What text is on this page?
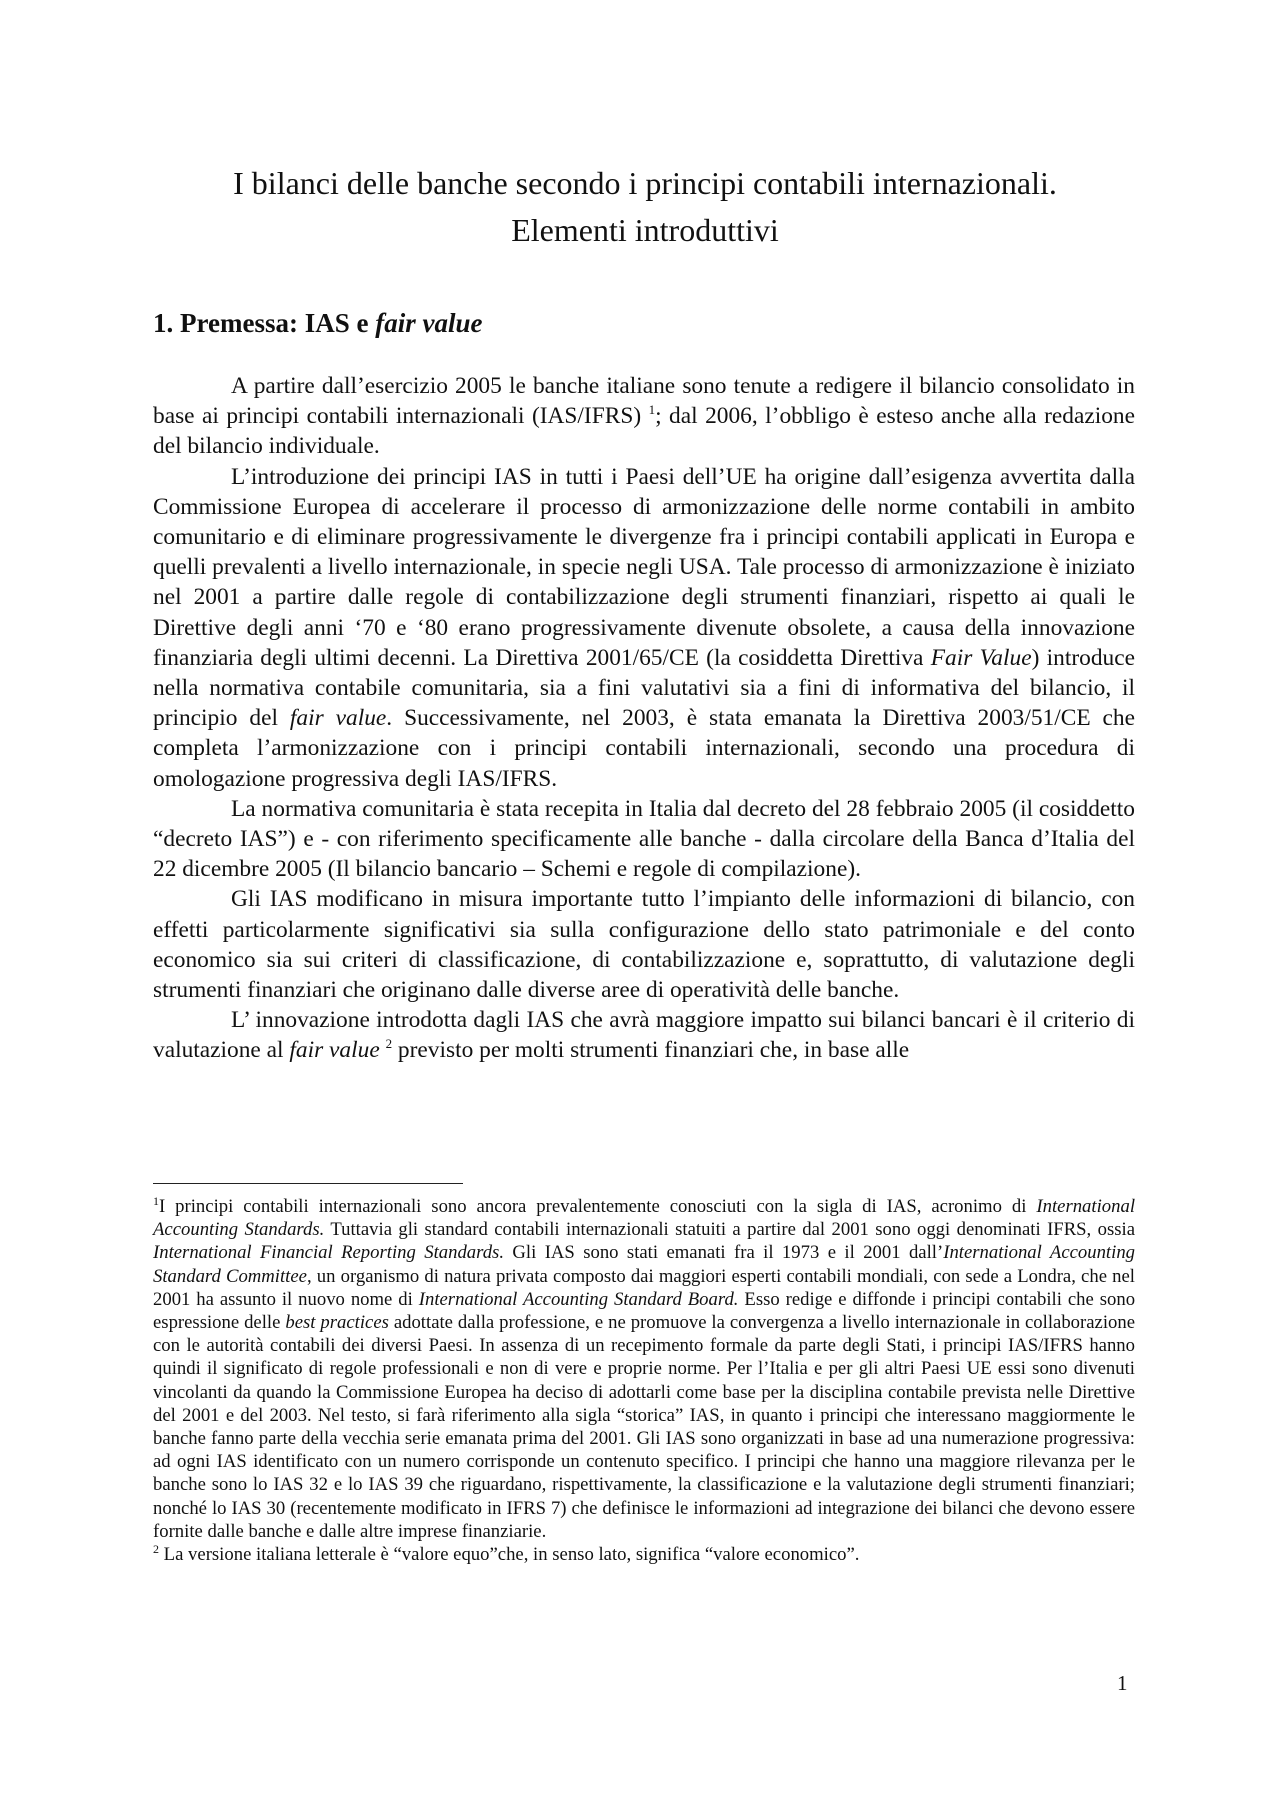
I bilanci delle banche secondo i principi contabili internazionali.
Elementi introduttivi
1. Premessa: IAS e fair value

A partire dall’esercizio 2005 le banche italiane sono tenute a redigere il bilancio consolidato in base ai principi contabili internazionali (IAS/IFRS) $^1$; dal 2006, l’obbligo è esteso anche alla redazione del bilancio individuale.

L’introduzione dei principi IAS in tutti i Paesi dell’UE ha origine dall’esigenza avvertita dalla Commissione Europea di accelerare il processo di armonizzazione delle norme contabili in ambito comunitario e di eliminare progressivamente le divergenze fra i principi contabili applicati in Europa e quelli prevalenti a livello internazionale, in specie negli USA. Tale processo di armonizzazione è iniziato nel 2001 a partire dalle regole di contabilizzazione degli strumenti finanziari, rispetto ai quali le Direttive degli anni ‘70 e ‘80 erano progressivamente divenute obsolete, a causa della innovazione finanziaria degli ultimi decenni. La Direttiva 2001/65/CE (la cosiddetta Direttiva Fair Value) introduce nella normativa contabile comunitaria, sia a fini valutativi sia a fini di informativa del bilancio, il principio del fair value. Successivamente, nel 2003, è stata emanata la Direttiva 2003/51/CE che completa l’armonizzazione con i principi contabili internazionali, secondo una procedura di omologazione progressiva degli IAS/IFRS.

La normativa comunitaria è stata recepita in Italia dal decreto del 28 febbraio 2005 (il cosiddetto “decreto IAS”) e - con riferimento specificamente alle banche - dalla circolare della Banca d’Italia del 22 dicembre 2005 (Il bilancio bancario – Schemi e regole di compilazione).

Gli IAS modificano in misura importante tutto l’impianto delle informazioni di bilancio, con effetti particolarmente significativi sia sulla configurazione dello stato patrimoniale e del conto economico sia sui criteri di classificazione, di contabilizzazione e, soprattutto, di valutazione degli strumenti finanziari che originano dalle diverse aree di operatività delle banche.

L’ innovazione introdotta dagli IAS che avrà maggiore impatto sui bilanci bancari è il criterio di valutazione al fair value $^2$ previsto per molti strumenti finanziari che, in base alle

$^1$I principi contabili internazionali sono ancora prevalentemente conosciuti con la sigla di IAS, acronimo di International Accounting Standards. Tuttavia gli standard contabili internazionali statuiti a partire dal 2001 sono oggi denominati IFRS, ossia International Financial Reporting Standards. Gli IAS sono stati emanati fra il 1973 e il 2001 dall’International Accounting Standard Committee, un organismo di natura privata composto dai maggiori esperti contabili mondiali, con sede a Londra, che nel 2001 ha assunto il nuovo nome di International Accounting Standard Board. Esso redige e diffonde i principi contabili che sono espressione delle best practices adottate dalla professione, e ne promuove la convergenza a livello internazionale in collaborazione con le autorità contabili dei diversi Paesi. In assenza di un recepimento formale da parte degli Stati, i principi IAS/IFRS hanno quindi il significato di regole professionali e non di vere e proprie norme. Per l’Italia e per gli altri Paesi UE essi sono divenuti vincolanti da quando la Commissione Europea ha deciso di adottarli come base per la disciplina contabile prevista nelle Direttive del 2001 e del 2003. Nel testo, si farà riferimento alla sigla “storica” IAS, in quanto i principi che interessano maggiormente le banche fanno parte della vecchia serie emanata prima del 2001. Gli IAS sono organizzati in base ad una numerazione progressiva: ad ogni IAS identificato con un numero corrisponde un contenuto specifico. I principi che hanno una maggiore rilevanza per le banche sono lo IAS 32 e lo IAS 39 che riguardano, rispettivamente, la classificazione e la valutazione degli strumenti finanziari; nonché lo IAS 30 (recentemente modificato in IFRS 7) che definisce le informazioni ad integrazione dei bilanci che devono essere fornite dalle banche e dalle altre imprese finanziarie.

$^2$ La versione italiana letterale è “valore equo”che, in senso lato, significa “valore economico”.

1
